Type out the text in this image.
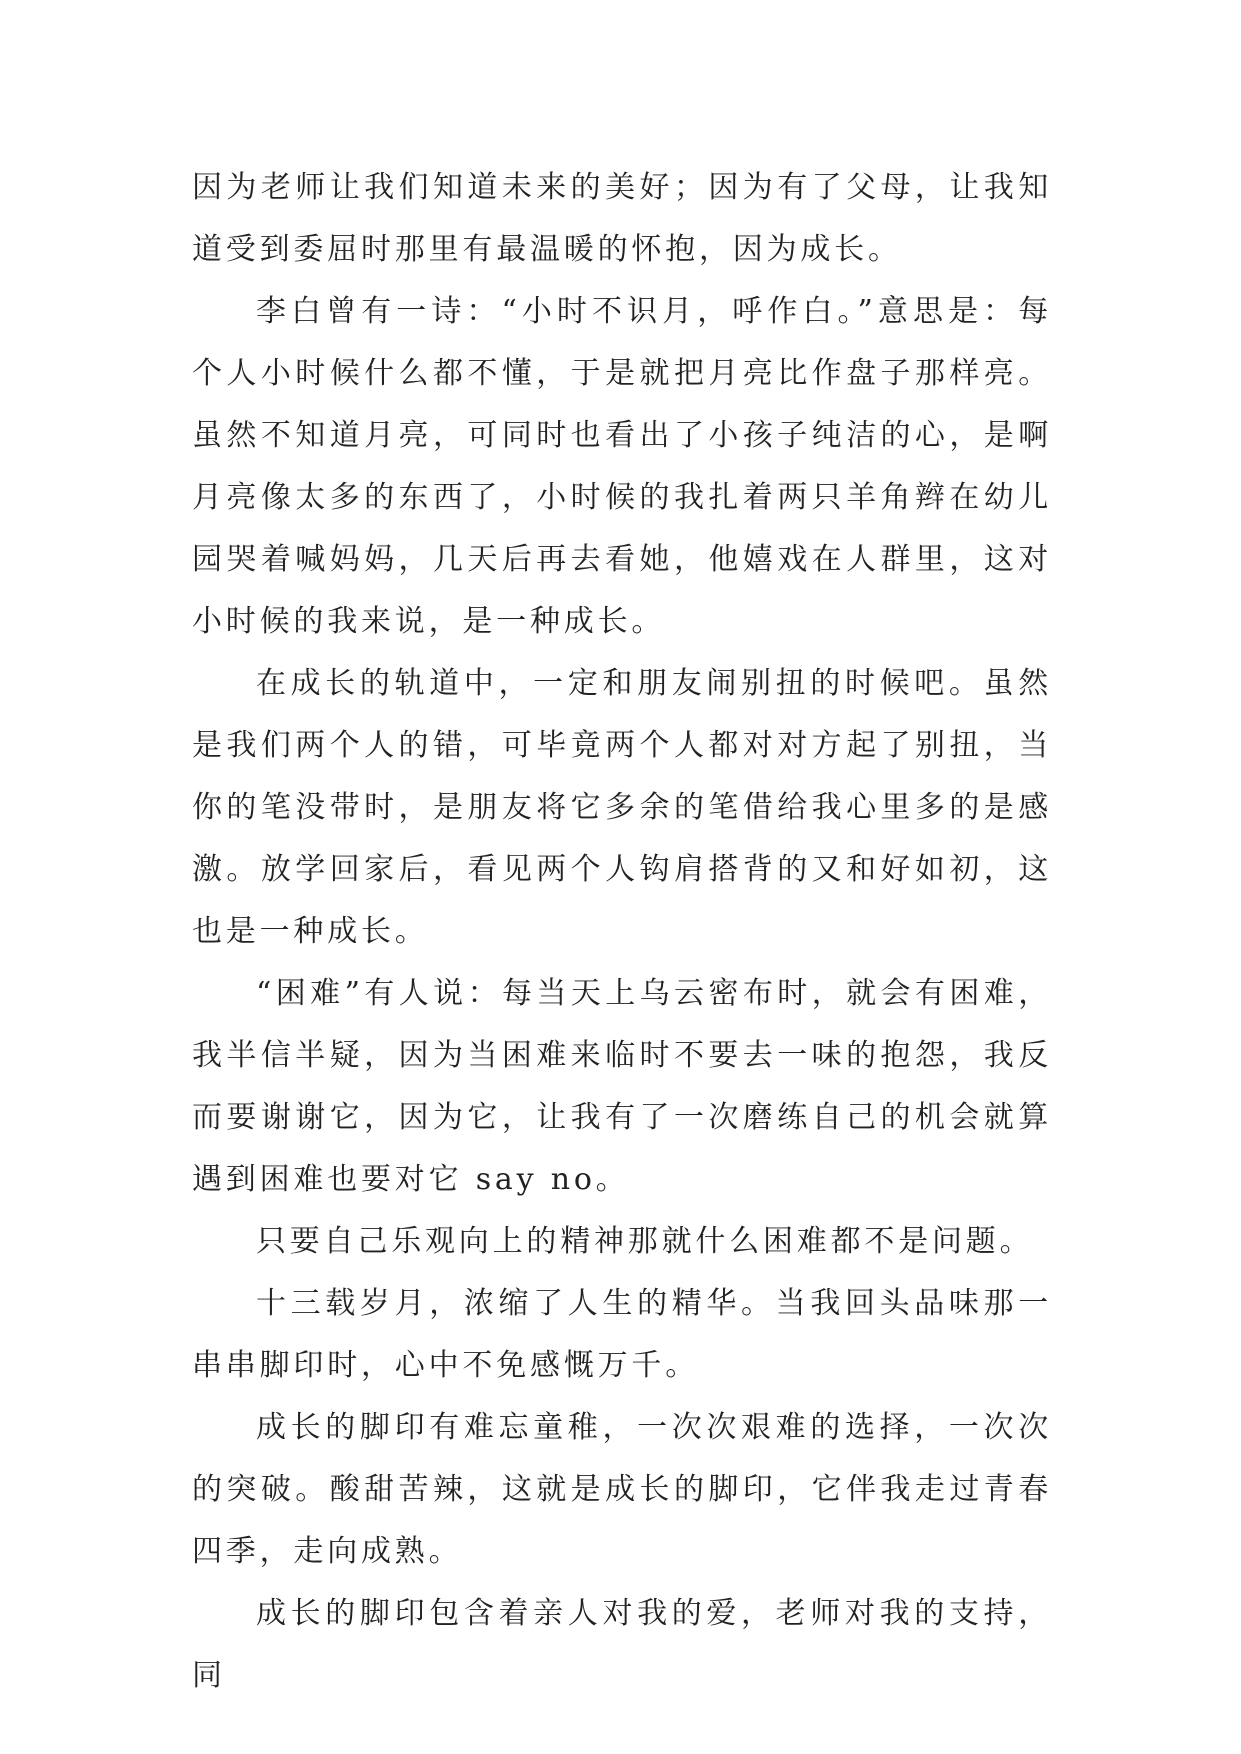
因为老师让我们知道未来的美好；因为有了父母，让我知道受到委屈时那里有最温暖的怀抱，因为成长。

李白曾有一诗：“小时不识月，呼作白。”意思是：每个人小时候什么都不懂，于是就把月亮比作盘子那样亮。虽然不知道月亮，可同时也看出了小孩子纯洁的心，是啊月亮像太多的东西了，小时候的我扎着两只羊角辫在幼儿园哭着喊妈妈，几天后再去看她，他嬉戏在人群里，这对小时候的我来说，是一种成长。

在成长的轨道中，一定和朋友闹别扭的时候吧。虽然是我们两个人的错，可毕竟两个人都对对方起了别扭，当你的笔没带时，是朋友将它多余的笔借给我心里多的是感激。放学回家后，看见两个人钩肩搭背的又和好如初，这也是一种成长。

“困难”有人说：每当天上乌云密布时，就会有困难，我半信半疑，因为当困难来临时不要去一味的抱怨，我反而要谢谢它，因为它，让我有了一次磨练自己的机会就算遇到困难也要对它 say no。

只要自己乐观向上的精神那就什么困难都不是问题。

十三载岁月，浓缩了人生的精华。当我回头品味那一串串脚印时，心中不免感慨万千。

成长的脚印有难忘童稚，一次次艰难的选择，一次次的突破。酸甜苦辣，这就是成长的脚印，它伴我走过青春四季，走向成熟。

成长的脚印包含着亲人对我的爱，老师对我的支持，同
